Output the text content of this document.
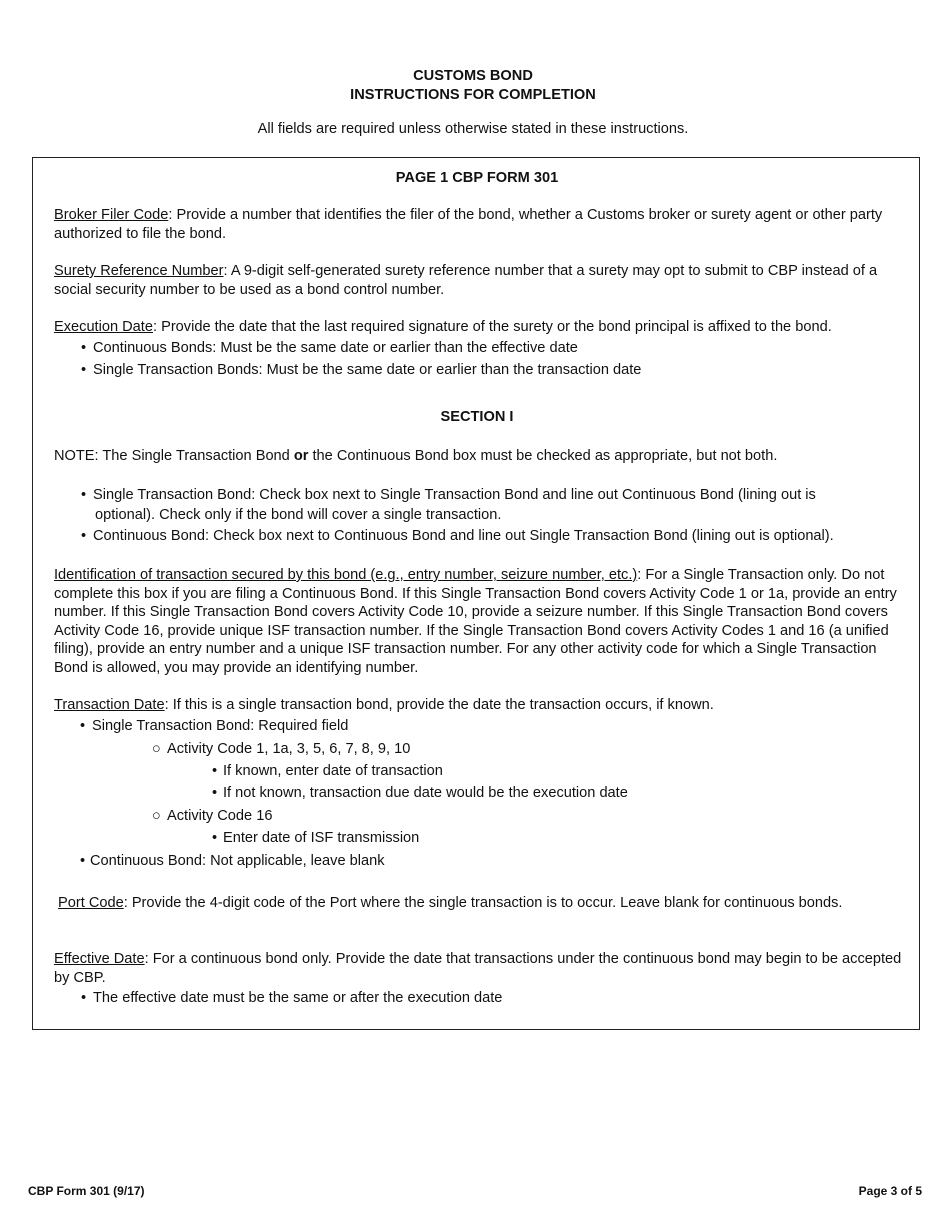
CUSTOMS BOND
INSTRUCTIONS FOR COMPLETION
All fields are required unless otherwise stated in these instructions.
PAGE 1 CBP FORM 301
Broker Filer Code: Provide a number that identifies the filer of the bond, whether a Customs broker or surety agent or other party authorized to file the bond.
Surety Reference Number: A 9-digit self-generated surety reference number that a surety may opt to submit to CBP instead of a social security number to be used as a bond control number.
Execution Date: Provide the date that the last required signature of the surety or the bond principal is affixed to the bond.
• Continuous Bonds: Must be the same date or earlier than the effective date
• Single Transaction Bonds: Must be the same date or earlier than the transaction date
SECTION I
NOTE: The Single Transaction Bond or the Continuous Bond box must be checked as appropriate, but not both.
• Single Transaction Bond: Check box next to Single Transaction Bond and line out Continuous Bond (lining out is
optional). Check only if the bond will cover a single transaction.
• Continuous Bond: Check box next to Continuous Bond and line out Single Transaction Bond (lining out is optional).
Identification of transaction secured by this bond (e.g., entry number, seizure number, etc.): For a Single Transaction only. Do not complete this box if you are filing a Continuous Bond. If this Single Transaction Bond covers Activity Code 1 or 1a, provide an entry number. If this Single Transaction Bond covers Activity Code 10, provide a seizure number. If this Single Transaction Bond covers Activity Code 16, provide unique ISF transaction number. If the Single Transaction Bond covers Activity Codes 1 and 16 (a unified filing), provide an entry number and a unique ISF transaction number. For any other activity code for which a Single Transaction Bond is allowed, you may provide an identifying number.
Transaction Date: If this is a single transaction bond, provide the date the transaction occurs, if known.
• Single Transaction Bond: Required field
○ Activity Code 1, 1a, 3, 5, 6, 7, 8, 9, 10
• If known, enter date of transaction
• If not known, transaction due date would be the execution date
○ Activity Code 16
• Enter date of ISF transmission
• Continuous Bond: Not applicable, leave blank
Port Code: Provide the 4-digit code of the Port where the single transaction is to occur. Leave blank for continuous bonds.
Effective Date: For a continuous bond only. Provide the date that transactions under the continuous bond may begin to be accepted by CBP.
• The effective date must be the same or after the execution date
CBP Form 301 (9/17)	Page 3 of 5
